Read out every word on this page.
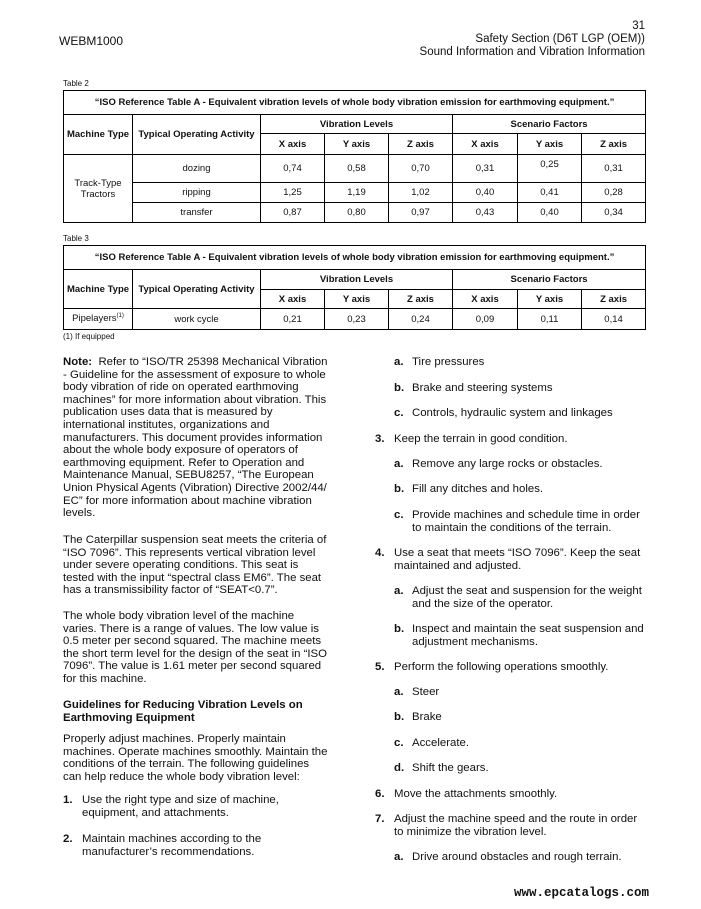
WEBM1000
31
Safety Section (D6T LGP (OEM))
Sound Information and Vibration Information
Table 2
“ISO Reference Table A - Equivalent vibration levels of whole body vibration emission for earthmoving equipment.”							
Machine Type	Typical Operating Activity	Vibration Levels			Scenario Factors		
		X axis	Y axis	Z axis	X axis	Y axis	Z axis
Track-Type Tractors	dozing	0,74	0,58	0,70	0,31	0,25	0,31
	ripping	1,25	1,19	1,02	0,40	0,41	0,28
	transfer	0,87	0,80	0,97	0,43	0,40	0,34
Table 3
“ISO Reference Table A - Equivalent vibration levels of whole body vibration emission for earthmoving equipment.”							
Machine Type	Typical Operating Activity	Vibration Levels			Scenario Factors		
		X axis	Y axis	Z axis	X axis	Y axis	Z axis
Pipelayers$^{(1)}$	work cycle	0,21	0,23	0,24	0,09	0,11	0,14
(1) If equipped
Note: Refer to “ISO/TR 25398 Mechanical Vibration
- Guideline for the assessment of exposure to whole
body vibration of ride on operated earthmoving
machines” for more information about vibration. This
publication uses data that is measured by
international institutes, organizations and
manufacturers. This document provides information
about the whole body exposure of operators of
earthmoving equipment. Refer to Operation and
Maintenance Manual, SEBU8257, “The European
Union Physical Agents (Vibration) Directive 2002/44/
EC” for more information about machine vibration
levels.
The Caterpillar suspension seat meets the criteria of
“ISO 7096”. This represents vertical vibration level
under severe operating conditions. This seat is
tested with the input “spectral class EM6”. The seat
has a transmissibility factor of “SEAT<0.7”.
The whole body vibration level of the machine
varies. There is a range of values. The low value is
0.5 meter per second squared. The machine meets
the short term level for the design of the seat in “ISO
7096”. The value is 1.61 meter per second squared
for this machine.
Guidelines for Reducing Vibration Levels on
Earthmoving Equipment
Properly adjust machines. Properly maintain
machines. Operate machines smoothly. Maintain the
conditions of the terrain. The following guidelines
can help reduce the whole body vibration level:
1. Use the right type and size of machine,
equipment, and attachments.
2. Maintain machines according to the
manufacturer’s recommendations.
a. Tire pressures
b. Brake and steering systems
c. Controls, hydraulic system and linkages
3. Keep the terrain in good condition.
a. Remove any large rocks or obstacles.
b. Fill any ditches and holes.
c. Provide machines and schedule time in order
to maintain the conditions of the terrain.
4. Use a seat that meets “ISO 7096”. Keep the seat
maintained and adjusted.
a. Adjust the seat and suspension for the weight
and the size of the operator.
b. Inspect and maintain the seat suspension and
adjustment mechanisms.
5. Perform the following operations smoothly.
a. Steer
b. Brake
c. Accelerate.
d. Shift the gears.
6. Move the attachments smoothly.
7. Adjust the machine speed and the route in order
to minimize the vibration level.
a. Drive around obstacles and rough terrain.
www.epcatalogs.com
